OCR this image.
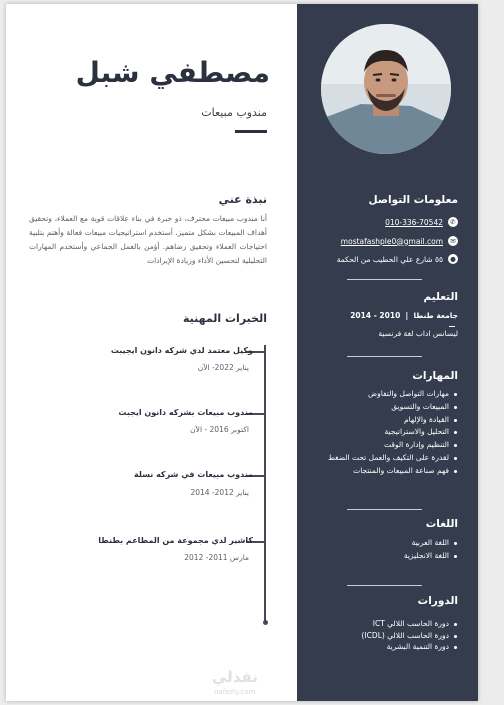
معلومات التواصل
✆
010-336-70542
✉
mostafashple0@gmail.com
●
٥٥ شارع علي الحطيب من الحكمة
التعليم
جامعة طنطا  |  2010 - 2014
ليسانس اداب لغة فرنسية
المهارات
مهارات التواصل والتفاوض
المبيعات والتسويق
القيادة والإلهام
التحليل والاستراتيجية
التنظيم وإدارة الوقت
لقدرة على التكيف والعمل تحت الضغط
فهم صناعة المبيعات والمنتجات
اللغات
اللغة العربية
اللغة الانجليزية
الدورات
دورة الحاسب اللالي ICT
دورة الحاسب اللالي (ICDL)
دورة التنمية البشرية
مصطفي شبل
مندوب مبيعات
نبذة عني
أنا مندوب مبيعات محترف، ذو خبرة في بناء علاقات قوية مع العملاء، وتحقيق أهداف المبيعات بشكل متميز. أستخدم استراتيجيات مبيعات فعالة وأهتم بتلبية احتياجات العملاء وتحقيق رضاهم. أؤمن بالعمل الجماعي وأستخدم المهارات التحليلية لتحسين الأداء وزيادة الإيرادات
الخبرات المهنية
وكيل معتمد لدي شركه دانون ايجيبت
يناير 2022- الآن
مندوب مبيعات بشركه دانون ايجبت
اكتوبر 2016 - الآن
مندوب مبيعات في شركه نسلة
يناير 2012- 2014
كاشير لدي مجموعة من المطاعم بطنطا
مارس 2011- 2012
نفذلي
nafezly.com
